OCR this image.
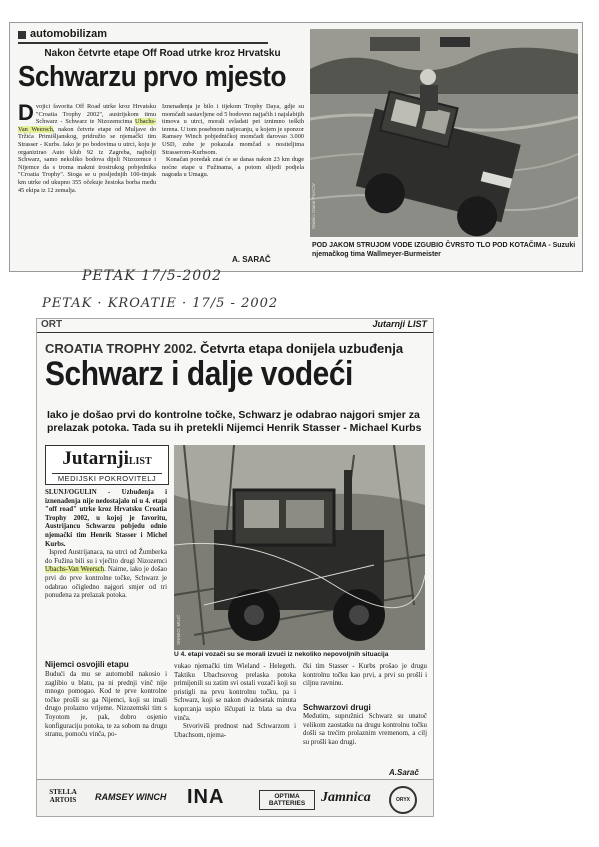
automobilizam
Nakon četvrte etape Off Road utrke kroz Hrvatsku
Schwarzu prvo mjesto
Dvojici favorita Off Road utrke kroz Hrvatsku "Croatia Trophy 2002", austrijskom timu Schwarz - Schwarz te Nizozemcima Ubachs-Van Weersch, nakon četvrte etape od Muljave do Tržića Primišljanskog, pridružio se njemački tim Strasser - Kurbs. Iako je po bodovima u utrci, koju je organizirao Auto klub 92 iz Zagreba, najbolji Schwarz, samo nekoliko bodova dijeli Nizozemce i Nijemce da s troma makmi trostrukog pobjednika "Croatia Trophy". Stoga se u posljednjih 100-tinjak km utrke od ukupno 355 očekuje žestoka borba među 45 ekipa iz 12 zemalja.
Iznenađenja je bilo i tijekom Trophy Daya, gdje su momčadi sastavljene od 5 bodovno najjačih i najslabijih timova u utrci, morali svladati pet iznimno teških terena. U tom posebnom natjecanju, u kojem je sponzor Ramsey Winch pobjedničkoj momčadi darovao 3.000 USD, zube je pokazala momčad s nositeljima Strasserom-Kurbsom.
Konačan poredak znat će se danas nakon 23 km duge noćne etape u Fužinama, a potom slijedi podjela nagrada u Umagu.
A. SARAČ
Snimio: Damir PILKOV
POD JAKOM STRUJOM VODE IZGUBIO ČVRSTO TLO POD KOTAČIMA - Suzuki njemačkog tima Wallmeyer-Burmeister
PETAK 17/5-2002
PETAK · KROATIE · 17/5 - 2002
ORT	Jutarnji LIST
CROATIA TROPHY 2002. Četvrta etapa donijela uzbuđenja
Schwarz i dalje vodeći
Iako je došao prvi do kontrolne točke, Schwarz je odabrao najgori smjer za prelazak potoka. Tada su ih pretekli Nijemci Henrik Stasser - Michael Kurbs
JutarnjiLIST
MEDIJSKI POKROVITELJ
SNIMIO: MILIČ
U 4. etapi vozači su se morali izvući iz nekoliko nepovoljnih situacija
SLUNJ/OGULIN - Uzbuđenja i iznenađenja nije nedostajalo ni u 4. etapi "off road" utrke kroz Hrvatsku Croatia Trophy 2002, u kojoj je favoritu, Austrijancu Schwarzu pobjedu odnio njemački tim Henrik Stasser i Michel Kurbs.
Ispred Austrijanaca, na utrci od Žumberka do Fužina bili su i vječito drugi Nizozemci Ubachs-Van Weersch. Naime, iako je došao prvi do prve kontrolne točke, Schwarz je odabrao očigledno najgori smjer od tri ponuđena za prelazak potoka.
Nijemci osvojili etapu
Budući da mu se automobil nakosio i zaglibio u blatu, pa ni prednji vinč nije mnogo pomogao. Kod te prve kontrolne točke prošli su ga Nijemci, koji su imali drugo prolazno vrijeme. Nizozemski tim s Toyotom je, pak, dobro osjenio konfiguraciju potoka, te za sobom na drugu stranu, pomoću vinča, po-
vukao njemački tim Wieland - Helegeth. Taktiku Ubachsovog prelaska potoka primijenili su zatim svi ostali vozači koji su pristigli na prvu kontrolnu točku, pa i Schwarz, koji se nakon dvadesetak minuta koprcanja uspio iščupati iz blata sa dva vinča.
Stvoriviši prednost nad Schwarzom i Ubachsom, njema-
čki tim Stasser - Kurbs prošao je drugu kontrolnu točku kao prvi, a prvi su prošli i ciljnu ravninu.
Schwarzovi drugi
Međutim, supružnici Schwarz su unatoč velikom zaostatku na drugu kontrolnu točku došli sa trećim prolaznim vremenom, a cilj su prošli kao drugi.
A.Sarač
STELLA ARTOIS	RAMSEY WINCH INA	OPTIMA BATTERIES	Jamnica	ORYX
